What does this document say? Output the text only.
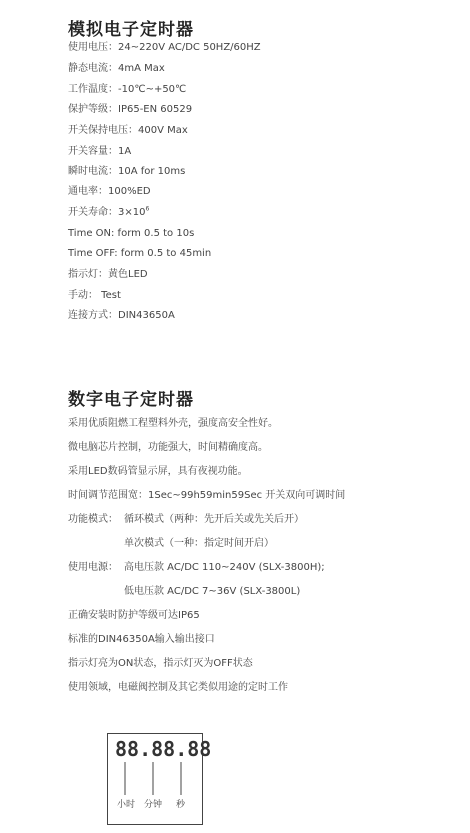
模拟电子定时器
使用电压：24~220V AC/DC 50HZ/60HZ
静态电流：4mA Max
工作温度：-10℃~+50℃
保护等级：IP65-EN 60529
开关保持电压：400V Max
开关容量：1A
瞬时电流：10A for 10ms
通电率：100%ED
开关寿命：$3\times 10^6$
Time ON: form 0.5 to 10s
Time OFF: form 0.5 to 45min
指示灯：黄色LED
手动： Test
连接方式：DIN43650A
数字电子定时器
采用优质阻燃工程塑料外壳，强度高安全性好。
微电脑芯片控制，功能强大，时间精确度高。
采用LED数码管显示屏，具有夜视功能。
时间调节范围宽：1Sec~99h59min59Sec 开关双向可调时间
功能模式： 循环模式（两种：先开后关或先关后开）
单次模式（一种：指定时间开启）
使用电源： 高电压款 AC/DC 110~240V (SLX-3800H);
低电压款 AC/DC 7~36V (SLX-3800L)
正确安装时防护等级可达IP65
标准的DIN46350A输入输出接口
指示灯亮为ON状态，指示灯灭为OFF状态
使用领域，电磁阀控制及其它类似用途的定时工作
88.88.88
小时 分钟 秒
